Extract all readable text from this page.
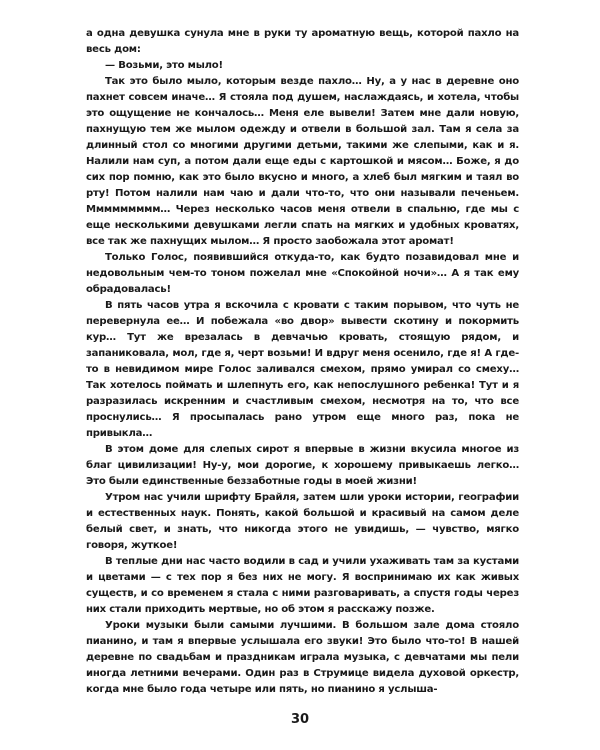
а одна девушка сунула мне в руки ту ароматную вещь, которой пахло на весь дом:

— Возьми, это мыло!

Так это было мыло, которым везде пахло… Ну, а у нас в деревне оно пахнет совсем иначе… Я стояла под душем, наслаждаясь, и хотела, чтобы это ощущение не кончалось… Меня еле вывели! Затем мне дали новую, пахнущую тем же мылом одежду и отвели в большой зал. Там я села за длинный стол со многими другими детьми, такими же слепыми, как и я. Налили нам суп, а потом дали еще еды с картошкой и мясом… Боже, я до сих пор помню, как это было вкусно и много, а хлеб был мягким и таял во рту! Потом налили нам чаю и дали что-то, что они называли печеньем. Ммммммммм… Через несколько часов меня отвели в спальню, где мы с еще несколькими девушками легли спать на мягких и удобных кроватях, все так же пахнущих мылом… Я просто зaобожала этот аромат!

Только Голос, появившийся откуда-то, как будто позавидовал мне и недовольным чем-то тоном пожелал мне «Спокойной ночи»… А я так ему обрадовалась!

В пять часов утра я вскочила с кровати с таким порывом, что чуть не перевернула ее… И побежала «во двор» вывести скотину и покормить кур… Тут же врезалась в девчачью кровать, стоящую рядом, и запаниковала, мол, где я, черт возьми! И вдруг меня осенило, где я! А где-то в невидимом мире Голос заливался смехом, прямо умирал со смеху… Так хотелось поймать и шлепнуть его, как непослушного ребенка! Тут и я разразилась искренним и счастливым смехом, несмотря на то, что все проснулись… Я просыпалась рано утром еще много раз, пока не привыкла…

В этом доме для слепых сирот я впервые в жизни вкусила многое из благ цивилизации! Ну-у, мои дорогие, к хорошему привыкаешь легко… Это были единственные беззаботные годы в моей жизни!

Утром нас учили шрифту Брайля, затем шли уроки истории, географии и естественных наук. Понять, какой большой и красивый на самом деле белый свет, и знать, что никогда этого не увидишь, — чувство, мягко говоря, жуткое!

В теплые дни нас часто водили в сад и учили ухаживать там за кустами и цветами — с тех пор я без них не могу. Я воспринимаю их как живых существ, и со временем я стала с ними разговаривать, а спустя годы через них стали приходить мертвые, но об этом я расскажу позже.

Уроки музыки были самыми лучшими. В большом зале дома стояло пианино, и там я впервые услышала его звуки! Это было что-то! В нашей деревне по свадьбам и праздникам играла музыка, с девчатами мы пели иногда летними вечерами. Один раз в Струмице видела духовой оркестр, когда мне было года четыре или пять, но пианино я услыша-

30
